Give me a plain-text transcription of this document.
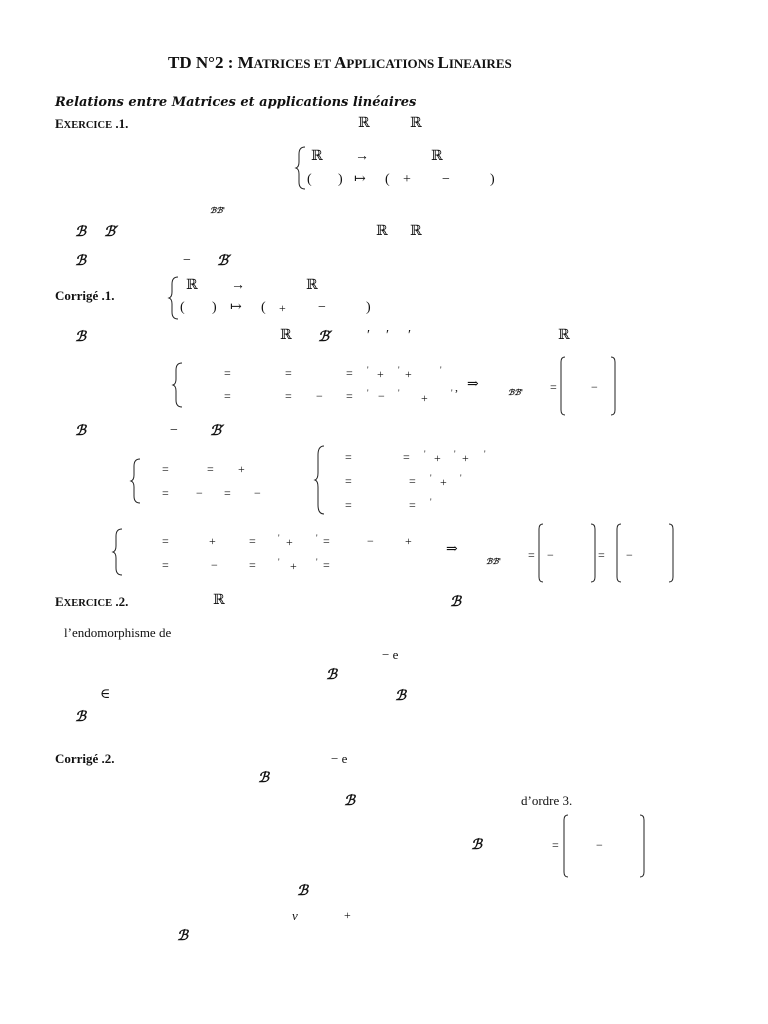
TD N°2 : MATRICES ET APPLICATIONS LINEAIRES
Relations entre Matrices et applications linéaires
EXERCICE .1.	ℝ	ℝ
ℝ →	ℝ
( ) ↦ ( + −	)
ℬℬ'
ℬ ℬ′	ℝ ℝ
ℬ	− ℬ′
Corrigé .1.
ℝ →	ℝ
( ) ↦ ( + −	)
ℬ	ℝ ℬ′ ′ ′ ′	ℝ
=	=	= ' + ' +	'
=	= − = ' − ' +	' , ⇒	ℬℬ' =	−
ℬ	− ℬ′
=	= +
= − = −
=	= ' + ' + '
=	= ' + '
=	= '
=	+	= ' +	' =	−	+
=	−	= ' + ' =
⇒
ℬℬ' = −	= −
EXERCICE .2.	ℝ	ℬ
l’endomorphisme de
− e
ℬ
∈	ℬ
ℬ
Corrigé .2.	− e
ℬ
ℬ	d’ordre 3.
ℬ	=	−
ℬ
v	+
ℬ
